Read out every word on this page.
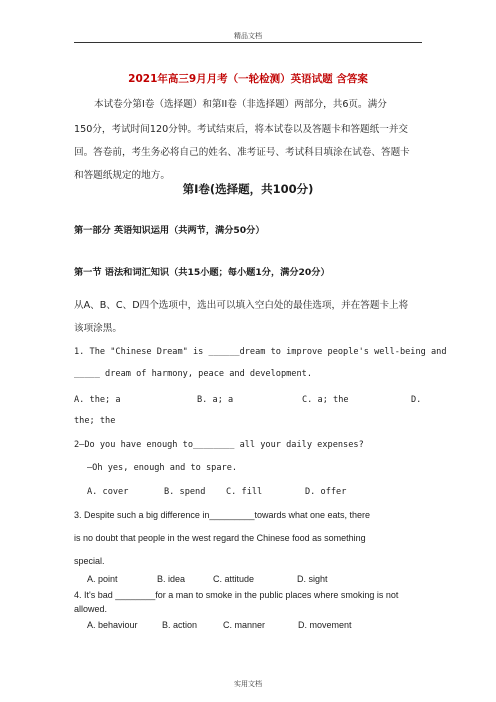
精品文档
2021年高三9月月考（一轮检测）英语试题 含答案
本试卷分第I卷（选择题）和第II卷（非选择题）两部分，共6页。满分
150分，考试时间120分钟。考试结束后，将本试卷以及答题卡和答题纸一并交
回。答卷前，考生务必将自己的姓名、准考证号、考试科目填涂在试卷、答题卡
和答题纸规定的地方。
第I卷(选择题，共100分)
第一部分 英语知识运用（共两节，满分50分）
第一节 语法和词汇知识（共15小题；每小题1分，满分20分）
从A、B、C、D四个选项中，选出可以填入空白处的最佳选项，并在答题卡上将
该项涂黑。
1. The "Chinese Dream" is ______dream to improve people's well-being and
_____ dream of harmony, peace and development.
A. the; a	B. a; a	C. a; the	D.
the; the
2—Do you have enough to________ all your daily expenses?
—Oh yes, enough and to spare.
A. cover	B. spend C. fill	D. offer
3. Despite such a big difference in_________towards what one eats, there
is no doubt that people in the west regard the Chinese food as something
special.
A. point	B. idea	C. attitude	D. sight
4. It's bad ________for a man to smoke in the public places where smoking is not
allowed.
A. behaviour	B. action	C. manner	D. movement
实用文档
